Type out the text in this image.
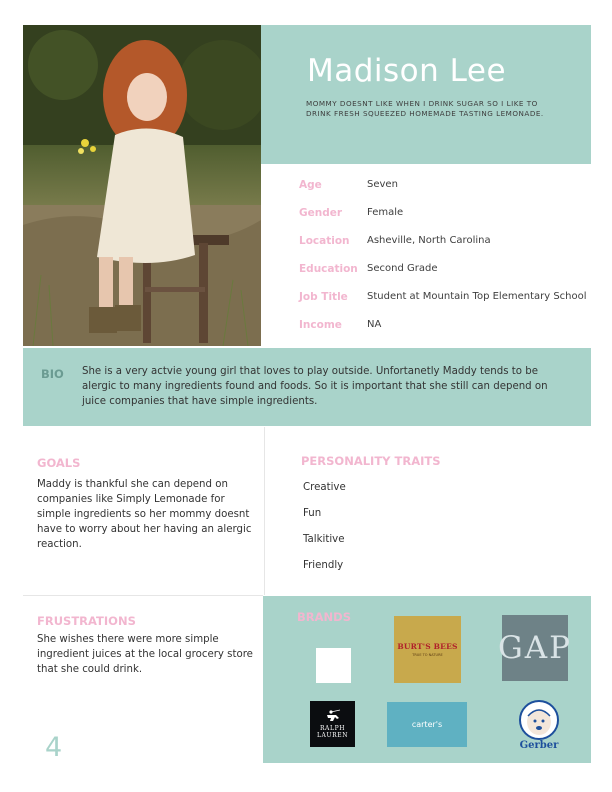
Madison Lee
MOMMY DOESNT LIKE WHEN I DRINK SUGAR SO I LIKE TO DRINK FRESH SQUEEZED HOMEMADE TASTING LEMONADE.
Age	Seven
Gender Female
Location Asheville, North Carolina
Education Second Grade
Job Title Student at Mountain Top Elementary School
Income	NA
BIO She is a very actvie young girl that loves to play outside. Unfortanetly Maddy tends to be alergic to many ingredients found and foods. So it is important that she still can depend on juice companies that have simple ingredients.
GOALS
Maddy is thankful she can depend on companies like Simply Lemonade for simple ingredients so her mommy doesnt have to worry about her having an alergic reaction.
PERSONALITY TRAITS
Creative
Fun
Talkitive
Friendly
FRUSTRATIONS
She wishes there were more simple ingredient juices at the local grocery store that she could drink.
BRANDS
BURT'S BEES
TRUE TO NATURE GAP
RALPH
LAUREN
carter's
Gerber
4
